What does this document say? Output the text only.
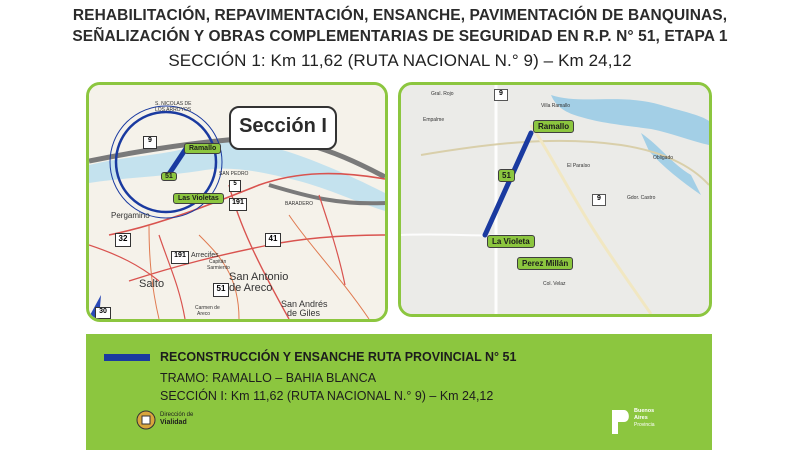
REHABILITACIÓN, REPAVIMENTACIÓN, ENSANCHE, PAVIMENTACIÓN DE BANQUINAS,
SEÑALIZACIÓN Y OBRAS COMPLEMENTARIAS DE SEGURIDAD EN R.P. N° 51, ETAPA 1
SECCIÓN 1: Km 11,62 (RUTA NACIONAL N.° 9) – Km 24,12
Sección I
Ramallo
51
Las Violetas
9
191
32
191
41
51
30
5
S. NICOLAS DE
LOS ARROYOS
SAN PEDRO
BARADERO
Pergamino
Arrecifes
Capitán
Sarmiento
San Antonio
de Areco
Salto
Carmen de
Areco
San Andrés
de Giles
Ramallo
51
La Violeta
Perez Millán
9
9
Villa Ramallo
Gral. Rojo
Empalme
El Paraíso
Obligado
Gdor. Castro
Col. Velaz
RECONSTRUCCIÓN Y ENSANCHE RUTA PROVINCIAL N° 51
TRAMO: RAMALLO – BAHIA BLANCA
SECCIÓN I: Km 11,62 (RUTA NACIONAL N.° 9) – Km 24,12
Dirección de
Vialidad
Buenos
Aires
Provincia
